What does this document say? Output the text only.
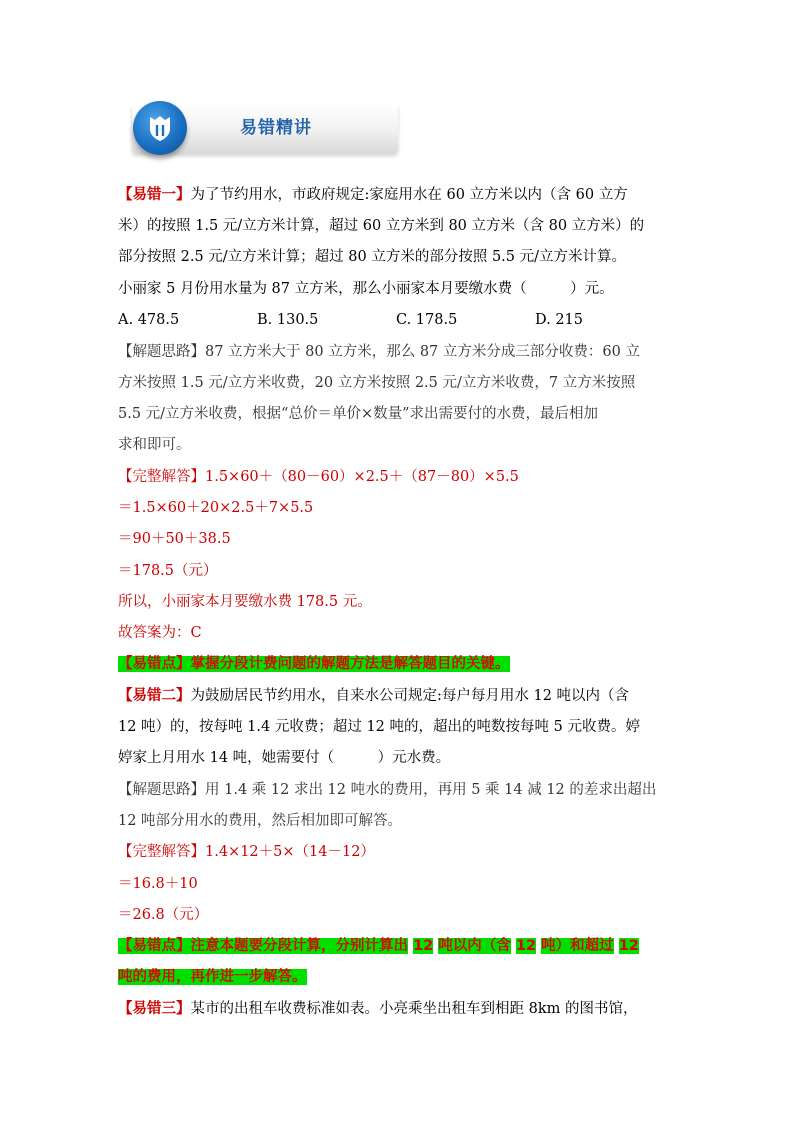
易错精讲
【易错一】为了节约用水，市政府规定:家庭用水在 60 立方米以内（含 60 立方
米）的按照 1.5 元/立方米计算，超过 60 立方米到 80 立方米（含 80 立方米）的
部分按照 2.5 元/立方米计算；超过 80 立方米的部分按照 5.5 元/立方米计算。
小丽家 5 月份用水量为 87 立方米，那么小丽家本月要缴水费（　　　）元。
A. 478.5	B. 130.5	C. 178.5	D. 215
【解题思路】87 立方米大于 80 立方米，那么 87 立方米分成三部分收费：60 立
方米按照 1.5 元/立方米收费，20 立方米按照 2.5 元/立方米收费，7 立方米按照
5.5 元/立方米收费，根据“总价＝单价×数量”求出需要付的水费，最后相加
求和即可。
【完整解答】1.5×60＋（80－60）×2.5＋（87－80）×5.5
＝1.5×60＋20×2.5＋7×5.5
＝90＋50＋38.5
＝178.5（元）
所以，小丽家本月要缴水费 178.5 元。
故答案为：C
【易错点】掌握分段计费问题的解题方法是解答题目的关键。
【易错二】为鼓励居民节约用水，自来水公司规定:每户每月用水 12 吨以内（含
12 吨）的，按每吨 1.4 元收费；超过 12 吨的，超出的吨数按每吨 5 元收费。婷
婷家上月用水 14 吨，她需要付（　　　）元水费。
【解题思路】用 1.4 乘 12 求出 12 吨水的费用，再用 5 乘 14 减 12 的差求出超出
12 吨部分用水的费用，然后相加即可解答。
【完整解答】1.4×12＋5×（14－12）
＝16.8＋10
＝26.8（元）
【易错点】注意本题要分段计算，分别计算出 12 吨以内（含 12 吨）和超过 12
吨的费用，再作进一步解答。
【易错三】某市的出租车收费标准如表。小亮乘坐出租车到相距 8km 的图书馆，
